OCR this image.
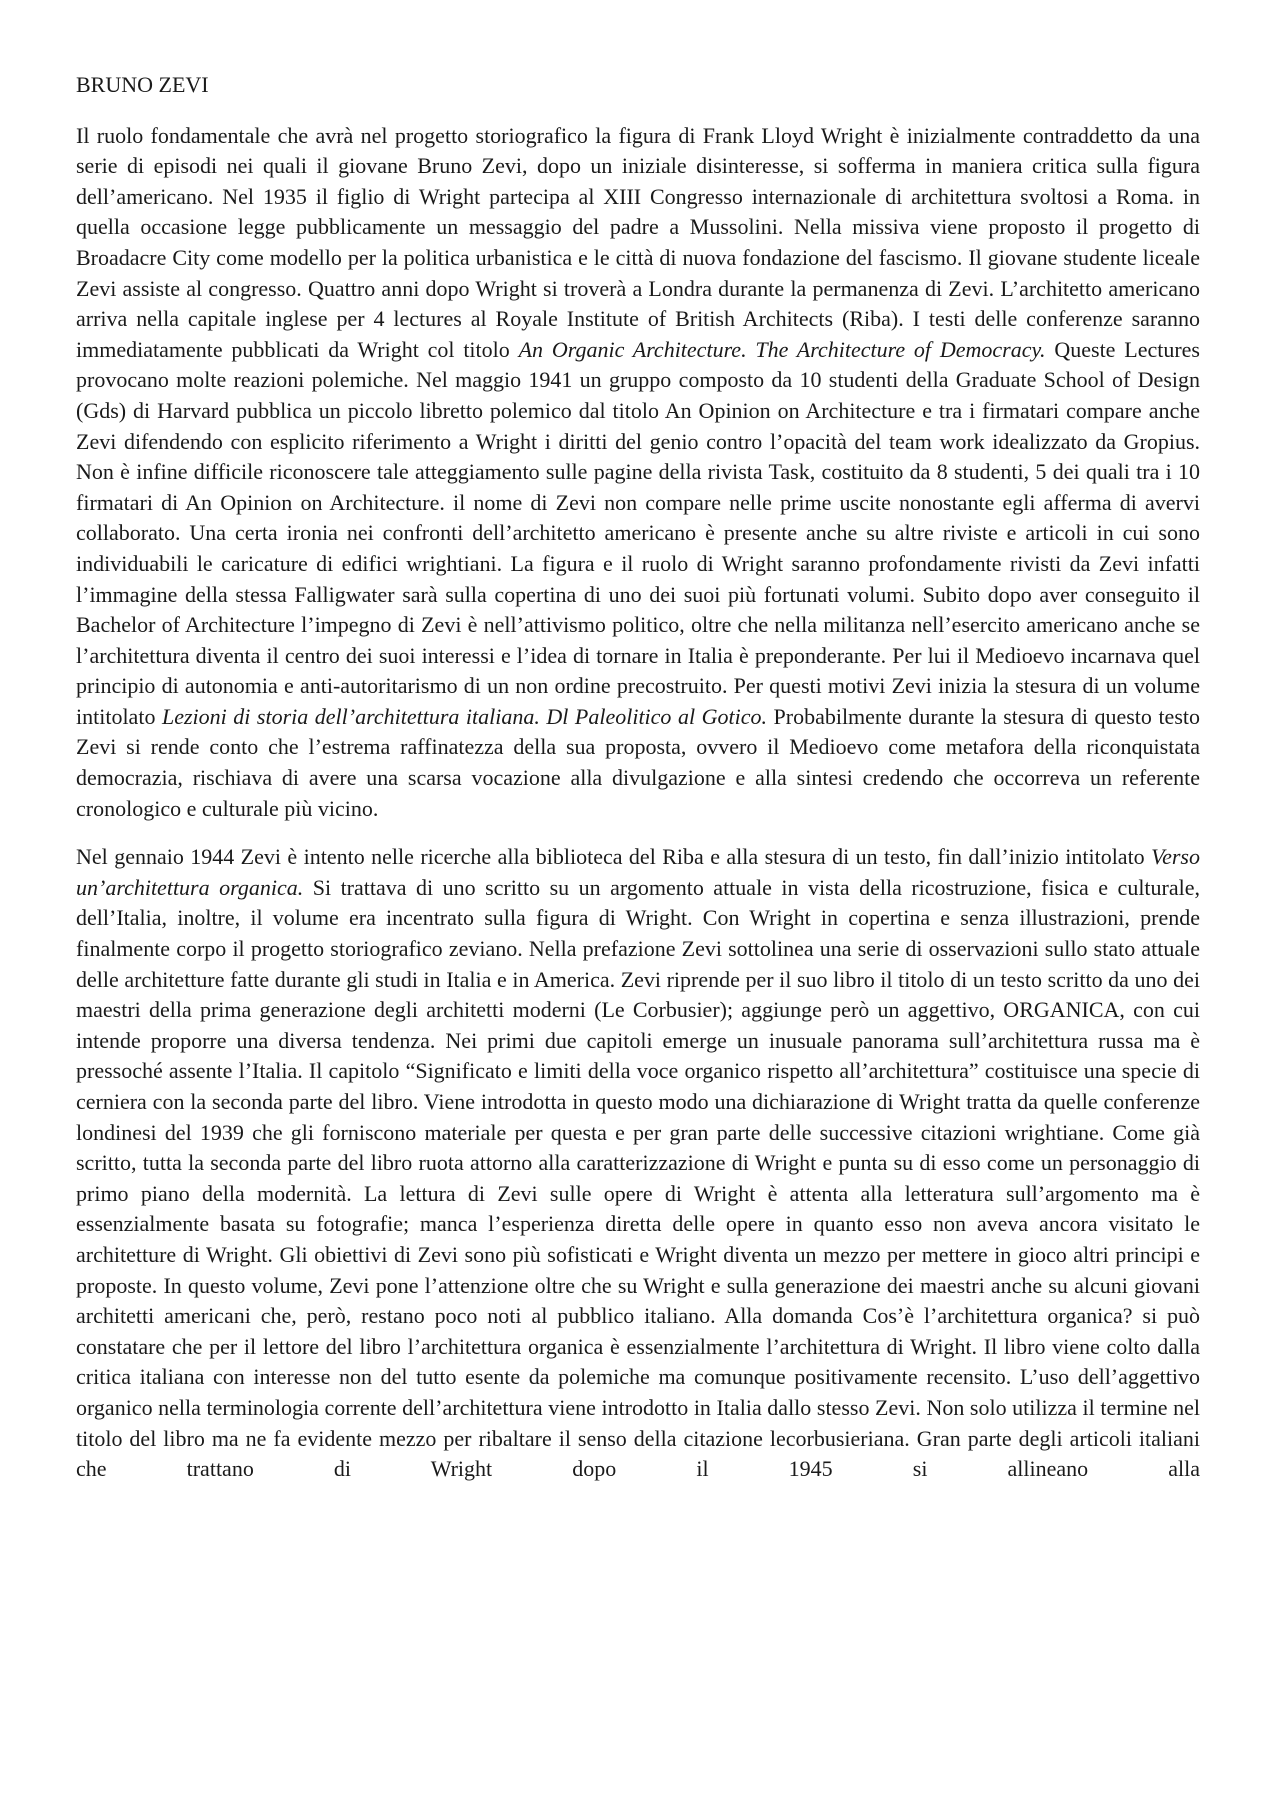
BRUNO ZEVI

Il ruolo fondamentale che avrà nel progetto storiografico la figura di Frank Lloyd Wright è inizialmente contraddetto da una serie di episodi nei quali il giovane Bruno Zevi, dopo un iniziale disinteresse, si sofferma in maniera critica sulla figura dell’americano. Nel 1935 il figlio di Wright partecipa al XIII Congresso internazionale di architettura svoltosi a Roma. in quella occasione legge pubblicamente un messaggio del padre a Mussolini. Nella missiva viene proposto il progetto di Broadacre City come modello per la politica urbanistica e le città di nuova fondazione del fascismo. Il giovane studente liceale Zevi assiste al congresso. Quattro anni dopo Wright si troverà a Londra durante la permanenza di Zevi. L’architetto americano arriva nella capitale inglese per 4 lectures al Royale Institute of British Architects (Riba). I testi delle conferenze saranno immediatamente pubblicati da Wright col titolo An Organic Architecture. The Architecture of Democracy. Queste Lectures provocano molte reazioni polemiche. Nel maggio 1941 un gruppo composto da 10 studenti della Graduate School of Design (Gds) di Harvard pubblica un piccolo libretto polemico dal titolo An Opinion on Architecture e tra i firmatari compare anche Zevi difendendo con esplicito riferimento a Wright i diritti del genio contro l’opacità del team work idealizzato da Gropius. Non è infine difficile riconoscere tale atteggiamento sulle pagine della rivista Task, costituito da 8 studenti, 5 dei quali tra i 10 firmatari di An Opinion on Architecture. il nome di Zevi non compare nelle prime uscite nonostante egli afferma di avervi collaborato. Una certa ironia nei confronti dell’architetto americano è presente anche su altre riviste e articoli in cui sono individuabili le caricature di edifici wrightiani. La figura e il ruolo di Wright saranno profondamente rivisti da Zevi infatti l’immagine della stessa Falligwater sarà sulla copertina di uno dei suoi più fortunati volumi. Subito dopo aver conseguito il Bachelor of Architecture l’impegno di Zevi è nell’attivismo politico, oltre che nella militanza nell’esercito americano anche se l’architettura diventa il centro dei suoi interessi e l’idea di tornare in Italia è preponderante. Per lui il Medioevo incarnava quel principio di autonomia e anti-autoritarismo di un non ordine precostruito. Per questi motivi Zevi inizia la stesura di un volume intitolato Lezioni di storia dell’architettura italiana. Dl Paleolitico al Gotico. Probabilmente durante la stesura di questo testo Zevi si rende conto che l’estrema raffinatezza della sua proposta, ovvero il Medioevo come metafora della riconquistata democrazia, rischiava di avere una scarsa vocazione alla divulgazione e alla sintesi credendo che occorreva un referente cronologico e culturale più vicino.

Nel gennaio 1944 Zevi è intento nelle ricerche alla biblioteca del Riba e alla stesura di un testo, fin dall’inizio intitolato Verso un’architettura organica. Si trattava di uno scritto su un argomento attuale in vista della ricostruzione, fisica e culturale, dell’Italia, inoltre, il volume era incentrato sulla figura di Wright. Con Wright in copertina e senza illustrazioni, prende finalmente corpo il progetto storiografico zeviano. Nella prefazione Zevi sottolinea una serie di osservazioni sullo stato attuale delle architetture fatte durante gli studi in Italia e in America. Zevi riprende per il suo libro il titolo di un testo scritto da uno dei maestri della prima generazione degli architetti moderni (Le Corbusier); aggiunge però un aggettivo, ORGANICA, con cui intende proporre una diversa tendenza. Nei primi due capitoli emerge un inusuale panorama sull’architettura russa ma è pressoché assente l’Italia. Il capitolo “Significato e limiti della voce organico rispetto all’architettura” costituisce una specie di cerniera con la seconda parte del libro. Viene introdotta in questo modo una dichiarazione di Wright tratta da quelle conferenze londinesi del 1939 che gli forniscono materiale per questa e per gran parte delle successive citazioni wrightiane. Come già scritto, tutta la seconda parte del libro ruota attorno alla caratterizzazione di Wright e punta su di esso come un personaggio di primo piano della modernità. La lettura di Zevi sulle opere di Wright è attenta alla letteratura sull’argomento ma è essenzialmente basata su fotografie; manca l’esperienza diretta delle opere in quanto esso non aveva ancora visitato le architetture di Wright. Gli obiettivi di Zevi sono più sofisticati e Wright diventa un mezzo per mettere in gioco altri principi e proposte. In questo volume, Zevi pone l’attenzione oltre che su Wright e sulla generazione dei maestri anche su alcuni giovani architetti americani che, però, restano poco noti al pubblico italiano. Alla domanda Cos’è l’architettura organica? si può constatare che per il lettore del libro l’architettura organica è essenzialmente l’architettura di Wright. Il libro viene colto dalla critica italiana con interesse non del tutto esente da polemiche ma comunque positivamente recensito. L’uso dell’aggettivo organico nella terminologia corrente dell’architettura viene introdotto in Italia dallo stesso Zevi. Non solo utilizza il termine nel titolo del libro ma ne fa evidente mezzo per ribaltare il senso della citazione lecorbusieriana. Gran parte degli articoli italiani che trattano di Wright dopo il 1945 si allineano alla
